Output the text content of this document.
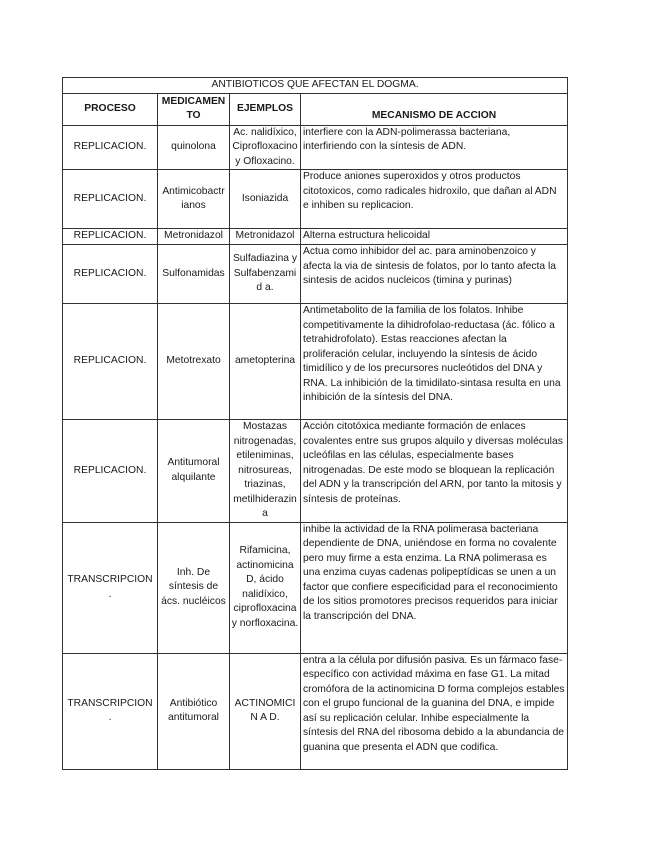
ANTIBIOTICOS QUE AFECTAN EL DOGMA.			
PROCESO	MEDICAMEN TO	EJEMPLOS	MECANISMO DE ACCION
REPLICACION.	quinolona	Ac. nalidíxico, Ciprofloxacino y Ofloxacino.	interfiere con la ADN-polimerassa bacteriana, interfiriendo con la síntesis de ADN.
REPLICACION.	Antimicobactr ianos	Isoniazida	Produce aniones superoxidos y otros productos citotoxicos, como radicales hidroxilo, que dañan al ADN e inhiben su replicacion.
REPLICACION.	Metronidazol	Metronidazol	Alterna estructura helicoidal
REPLICACION.	Sulfonamidas	Sulfadiazina y Sulfabenzamid a.	Actua como inhibidor del ac. para aminobenzoico y afecta la via de sintesis de folatos, por lo tanto afecta la sintesis de acidos nucleicos (timina y purinas)
REPLICACION.	Metotrexato	ametopterina	Antimetabolito de la familia de los folatos. Inhibe competitivamente la dihidrofolao-reductasa (ác. fólico a tetrahidrofolato). Estas reacciones afectan la proliferación celular, incluyendo la síntesis de ácido timidílico y de los precursores nucleótidos del DNA y RNA. La inhibición de la timidilato-sintasa resulta en una inhibición de la síntesis del DNA.
REPLICACION.	Antitumoral alquilante	Mostazas nitrogenadas, etileniminas, nitrosureas, triazinas, metilhiderazin a	Acción citotóxica mediante formación de enlaces covalentes entre sus grupos alquilo y diversas moléculas ucleófilas en las células, especialmente bases nitrogenadas. De este modo se bloquean la replicación del ADN y la transcripción del ARN, por tanto la mitosis y síntesis de proteínas.
TRANSCRIPCION .	Inh. De síntesis de ács. nucléicos	Rifamicina, actinomicina D, ácido nalidíxico, ciprofloxacina y norfloxacina.	inhibe la actividad de la RNA polimerasa bacteriana dependiente de DNA, uniéndose en forma no covalente pero muy firme a esta enzima. La RNA polimerasa es una enzima cuyas cadenas polipeptídicas se unen a un factor que confiere especificidad para el reconocimiento de los sitios promotores precisos requeridos para iniciar la transcripción del DNA.
TRANSCRIPCION .	Antibiótico antitumoral	ACTINOMICIN A D.	entra a la célula por difusión pasiva. Es un fármaco fase-específico con actividad máxima en fase G1. La mitad cromófora de la actinomicina D forma complejos estables con el grupo funcional de la guanina del DNA, e impide así su replicación celular. Inhibe especialmente la síntesis del RNA del ribosoma debido a la abundancia de guanina que presenta el ADN que codifica.
